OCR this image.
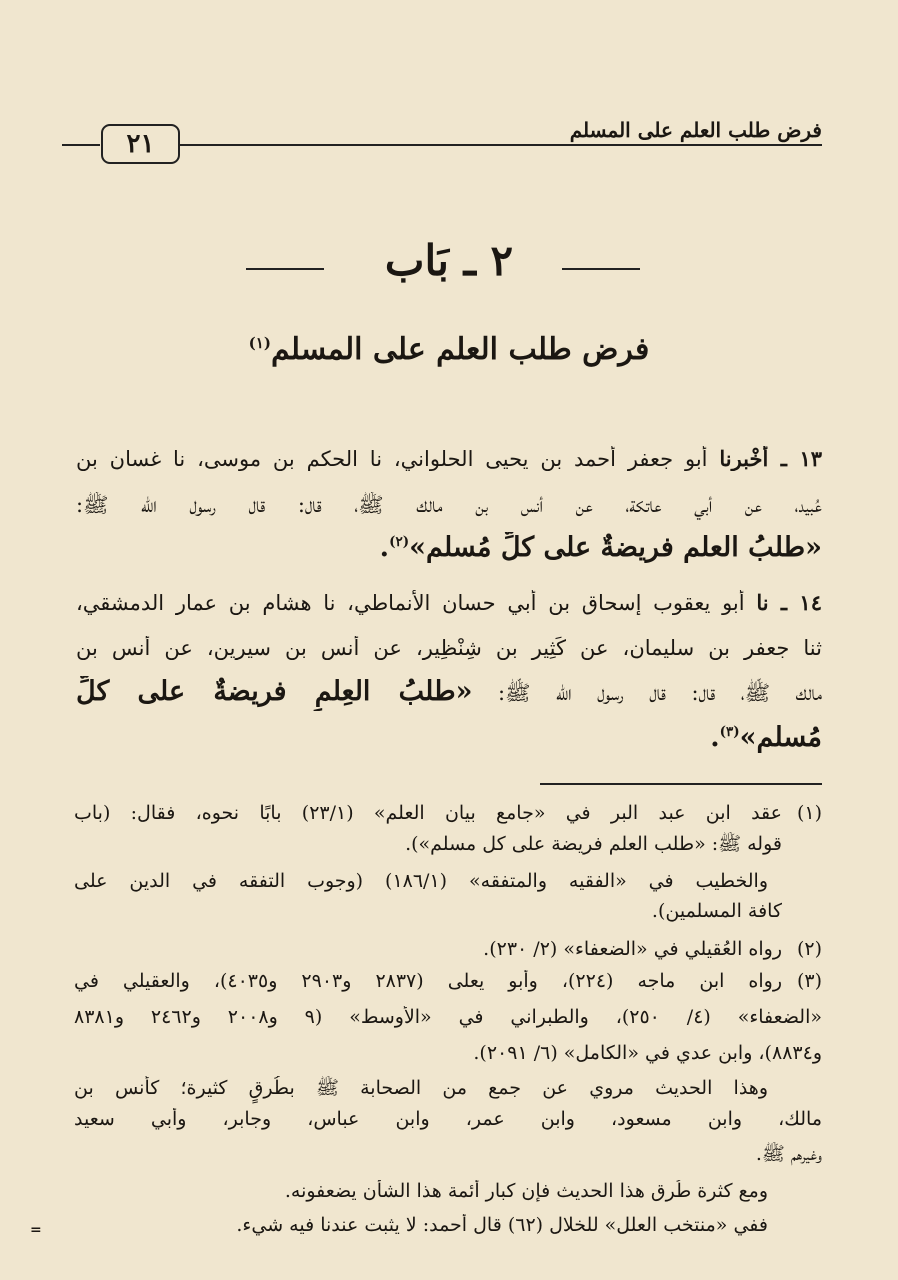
٢١	فرض طلب العلم على المسلم
٢ ـ بَاب
فرض طلب العلم على المسلم$^{(١)}$
١٣ ـ أَخْبرنا أبو جعفر أحمد بن يحيى الحلواني، نا الحكم بن موسى، نا غسان بن
عُبيد، عن أبي عاتكة، عن أنس بن مالك ﷺ، قال: قال رسول الله ﷺ:
«طلبُ العلمِ فريضةٌ على كلِّ مُسلمٍ»$^{(٢)}$.
١٤ ـ نا أبو يعقوب إسحاق بن أبي حسان الأنماطي، نا هشام بن عمار الدمشقي،
ثنا جعفر بن سليمان، عن كَثِير بن شِنْظِير، عن أنس بن سيرين، عن أنس بن
مالك ﷺ، قال: قال رسول الله ﷺ: «طلبُ العِلمِ فريضةٌ على كلِّ
مُسلمٍ»$^{(٣)}$.
(١)
عقد ابن عبد البر في «جامع بيان العلم» (٢٣/١) بابًا نحوه، فقال: (باب
قوله ﷺ: «طلب العلم فريضة على كل مسلم»).
والخطيب في «الفقيه والمتفقه» (١٨٦/١) (وجوب التفقه في الدين على
كافة المسلمين).
(٢)
رواه العُقيلي في «الضعفاء» (٢/ ٢٣٠).
(٣)
رواه ابن ماجه (٢٢٤)، وأبو يعلى (٢٨٣٧ و٢٩٠٣ و٤٠٣٥)، والعقيلي في
«الضعفاء» (٤/ ٢٥٠)، والطبراني في «الأوسط» (٩ و٢٠٠٨ و٢٤٦٢ و٨٣٨١
و٨٨٣٤)، وابن عدي في «الكامل» (٦/ ٢٠٩١).
وهذا الحديث مروي عن جمع من الصحابة ﷺ بطُرقٍ كثيرة؛ كأنس بن
مالك، وابن مسعود، وابن عمر، وابن عباس، وجابر، وأبي سعيد
وغيرهم ﷺ.
ومع كثرة طُرق هذا الحديث فإن كبار أئمة هذا الشأن يضعفونه.
ففي «منتخب العلل» للخلال (٦٢) قال أحمد: لا يثبت عندنا فيه شيء.
=
